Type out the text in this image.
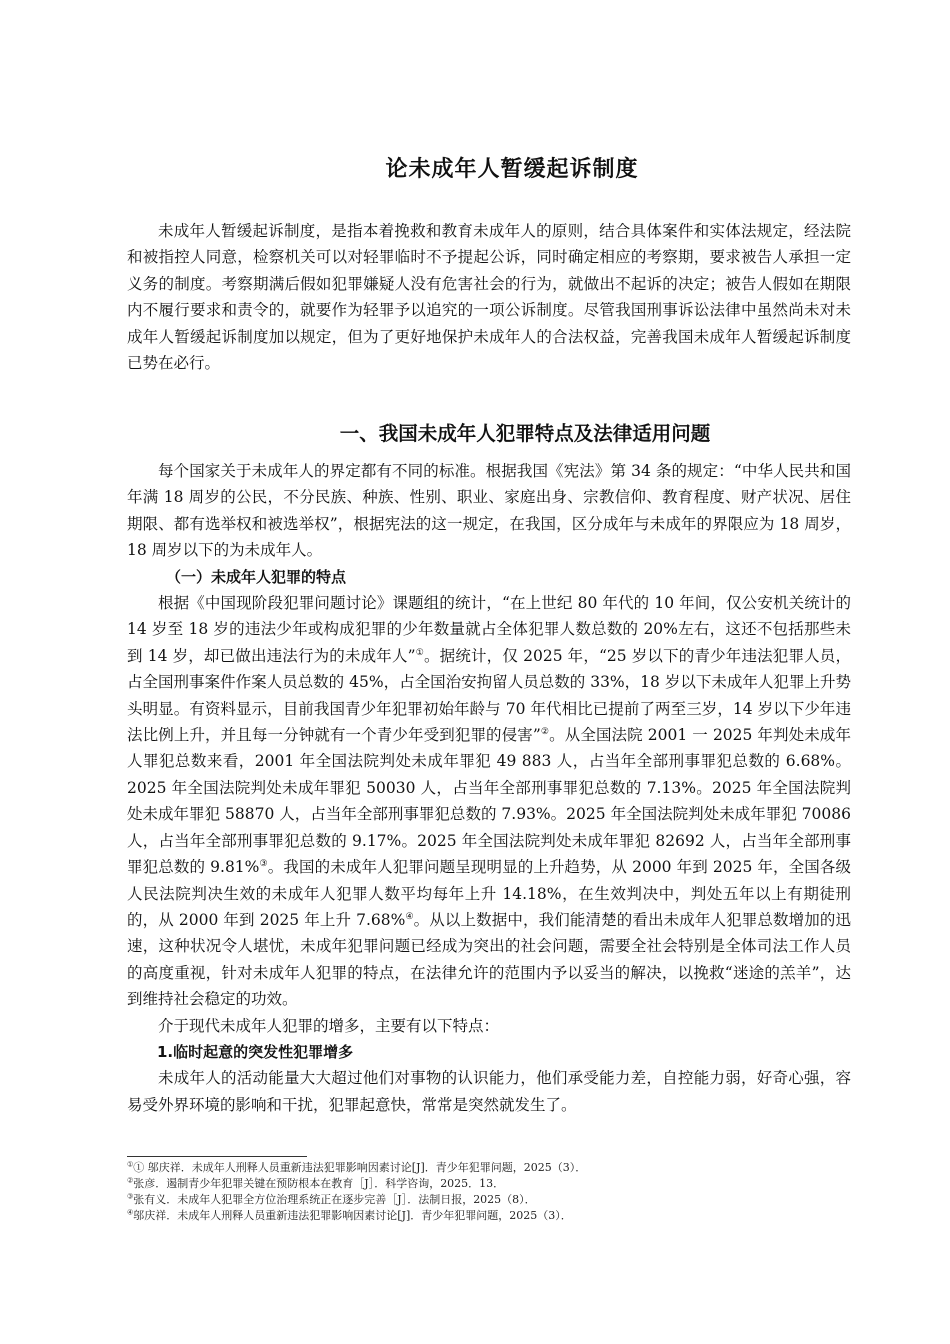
论未成年人暂缓起诉制度

未成年人暂缓起诉制度，是指本着挽救和教育未成年人的原则，结合具体案件和实体法规定，经法院和被指控人同意，检察机关可以对轻罪临时不予提起公诉，同时确定相应的考察期，要求被告人承担一定义务的制度。考察期满后假如犯罪嫌疑人没有危害社会的行为，就做出不起诉的决定；被告人假如在期限内不履行要求和责令的，就要作为轻罪予以追究的一项公诉制度。尽管我国刑事诉讼法律中虽然尚未对未成年人暂缓起诉制度加以规定，但为了更好地保护未成年人的合法权益，完善我国未成年人暂缓起诉制度已势在必行。

一、我国未成年人犯罪特点及法律适用问题

每个国家关于未成年人的界定都有不同的标准。根据我国《宪法》第 34 条的规定：“中华人民共和国年满 18 周岁的公民，不分民族、种族、性别、职业、家庭出身、宗教信仰、教育程度、财产状况、居住期限、都有选举权和被选举权”，根据宪法的这一规定，在我国，区分成年与未成年的界限应为 18 周岁，18 周岁以下的为未成年人。

（一）未成年人犯罪的特点

根据《中国现阶段犯罪问题讨论》课题组的统计，“在上世纪 80 年代的 10 年间，仅公安机关统计的 14 岁至 18 岁的违法少年或构成犯罪的少年数量就占全体犯罪人数总数的 20%左右，这还不包括那些未到 14 岁，却已做出违法行为的未成年人”①。据统计，仅 2025 年，“25 岁以下的青少年违法犯罪人员，占全国刑事案件作案人员总数的 45%，占全国治安拘留人员总数的 33%，18 岁以下未成年人犯罪上升势头明显。有资料显示，目前我国青少年犯罪初始年龄与 70 年代相比已提前了两至三岁，14 岁以下少年违法比例上升，并且每一分钟就有一个青少年受到犯罪的侵害”②。从全国法院 2001 一 2025 年判处未成年人罪犯总数来看，2001 年全国法院判处未成年罪犯 49 883 人，占当年全部刑事罪犯总数的 6.68%。2025 年全国法院判处未成年罪犯 50030 人，占当年全部刑事罪犯总数的 7.13%。2025 年全国法院判处未成年罪犯 58870 人，占当年全部刑事罪犯总数的 7.93%。2025 年全国法院判处未成年罪犯 70086 人，占当年全部刑事罪犯总数的 9.17%。2025 年全国法院判处未成年罪犯 82692 人，占当年全部刑事罪犯总数的 9.81%③。我国的未成年人犯罪问题呈现明显的上升趋势，从 2000 年到 2025 年，全国各级人民法院判决生效的未成年人犯罪人数平均每年上升 14.18%，在生效判决中，判处五年以上有期徒刑的，从 2000 年到 2025 年上升 7.68%④。从以上数据中，我们能清楚的看出未成年人犯罪总数增加的迅速，这种状况令人堪忧，未成年犯罪问题已经成为突出的社会问题，需要全社会特别是全体司法工作人员的高度重视，针对未成年人犯罪的特点，在法律允许的范围内予以妥当的解决，以挽救“迷途的羔羊”，达到维持社会稳定的功效。

介于现代未成年人犯罪的增多，主要有以下特点：

1.临时起意的突发性犯罪增多

未成年人的活动能量大大超过他们对事物的认识能力，他们承受能力差，自控能力弱，好奇心强，容易受外界环境的影响和干扰，犯罪起意快，常常是突然就发生了。

①① 邬庆祥．未成年人刑释人员重新违法犯罪影响因素讨论[J]．青少年犯罪问题，2025（3）．
②张彦．遏制青少年犯罪关键在预防根本在教育［J］．科学咨询，2025．13．
③张有义．未成年人犯罪全方位治理系统正在逐步完善［J］．法制日报，2025（8）．
④邬庆祥．未成年人刑释人员重新违法犯罪影响因素讨论[J]．青少年犯罪问题，2025（3）．
